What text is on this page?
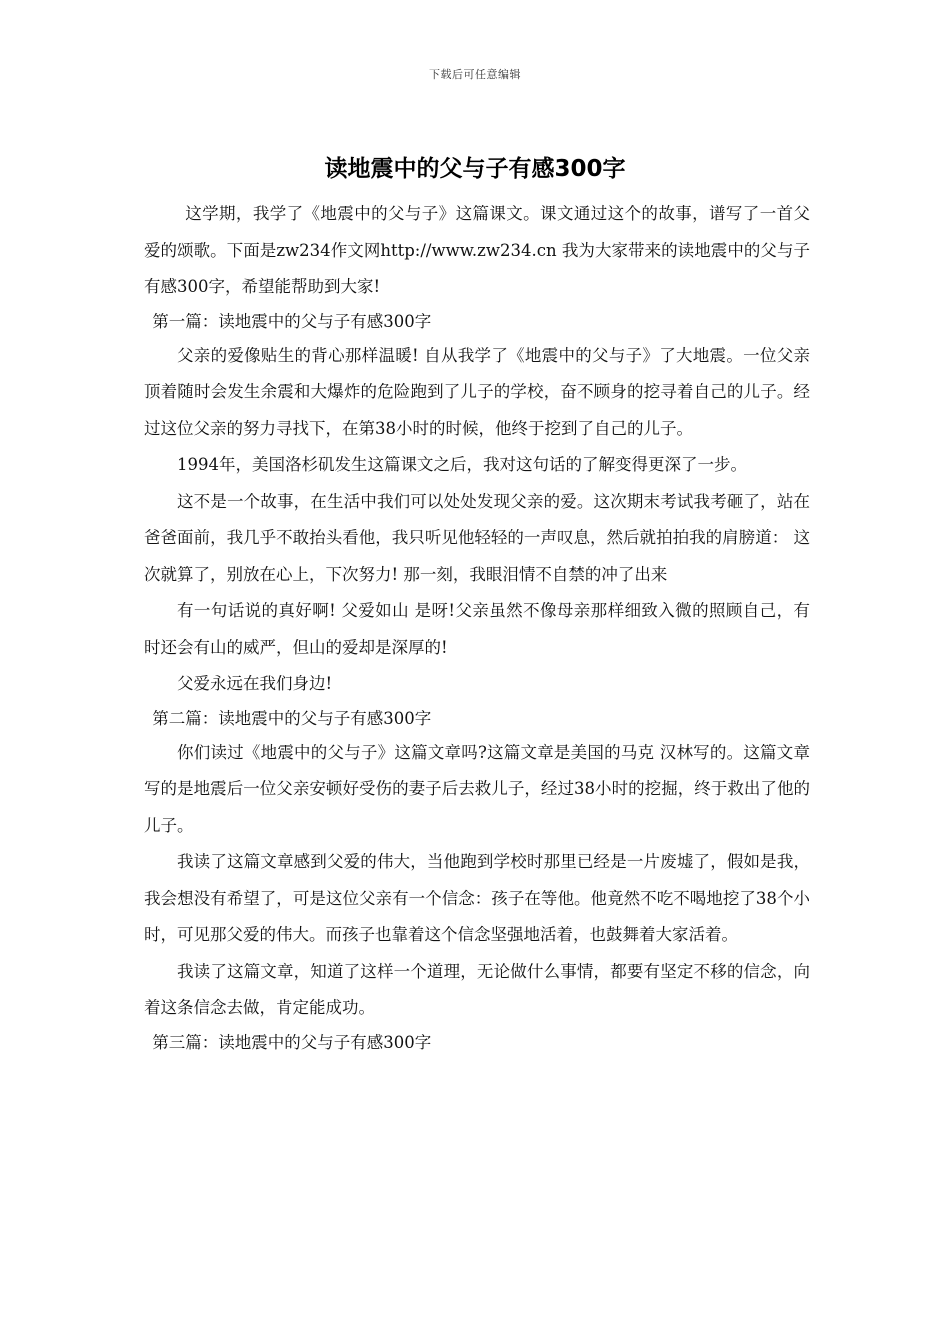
下载后可任意编辑
读地震中的父与子有感300字

这学期，我学了《地震中的父与子》这篇课文。课文通过这个的故事，谱写了一首父爱的颂歌。下面是zw234作文网http://www.zw234.cn 我为大家带来的读地震中的父与子有感300字，希望能帮助到大家!

第一篇：读地震中的父与子有感300字

父亲的爱像贴生的背心那样温暖! 自从我学了《地震中的父与子》了大地震。一位父亲顶着随时会发生余震和大爆炸的危险跑到了儿子的学校，奋不顾身的挖寻着自己的儿子。经过这位父亲的努力寻找下，在第38小时的时候，他终于挖到了自己的儿子。

1994年，美国洛杉矶发生这篇课文之后，我对这句话的了解变得更深了一步。

这不是一个故事，在生活中我们可以处处发现父亲的爱。这次期末考试我考砸了，站在爸爸面前，我几乎不敢抬头看他，我只听见他轻轻的一声叹息，然后就拍拍我的肩膀道： 这次就算了，别放在心上，下次努力! 那一刻，我眼泪情不自禁的冲了出来

有一句话说的真好啊! 父爱如山 是呀!父亲虽然不像母亲那样细致入微的照顾自己，有时还会有山的威严，但山的爱却是深厚的!

父爱永远在我们身边!

第二篇：读地震中的父与子有感300字

你们读过《地震中的父与子》这篇文章吗?这篇文章是美国的马克 汉林写的。这篇文章写的是地震后一位父亲安顿好受伤的妻子后去救儿子，经过38小时的挖掘，终于救出了他的儿子。

我读了这篇文章感到父爱的伟大，当他跑到学校时那里已经是一片废墟了，假如是我，我会想没有希望了，可是这位父亲有一个信念：孩子在等他。他竟然不吃不喝地挖了38个小时，可见那父爱的伟大。而孩子也靠着这个信念坚强地活着，也鼓舞着大家活着。

我读了这篇文章，知道了这样一个道理，无论做什么事情，都要有坚定不移的信念，向着这条信念去做，肯定能成功。

第三篇：读地震中的父与子有感300字
